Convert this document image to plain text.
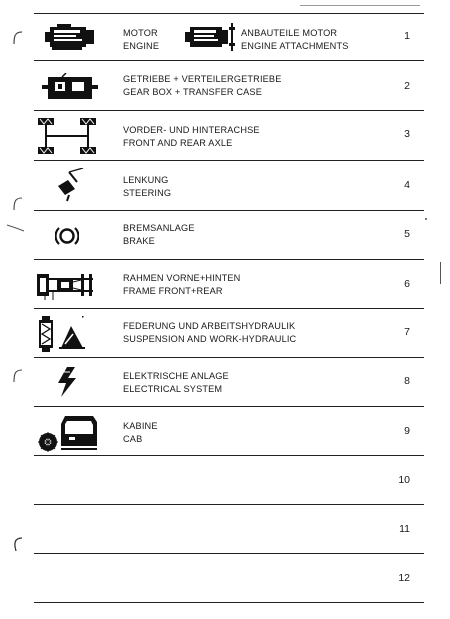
MOTOR
ENGINE
ANBAUTEILE MOTOR
ENGINE ATTACHMENTS
1
GETRIEBE + VERTEILERGETRIEBE
GEAR BOX + TRANSFER CASE	2
VORDER- UND HINTERACHSE
FRONT AND REAR AXLE
3
LENKUNG
STEERING
4
BREMSANLAGE
BRAKE
5
RAHMEN VORNE+HINTEN
FRAME FRONT+REAR
6
FEDERUNG UND ARBEITSHYDRAULIK
SUSPENSION AND WORK-HYDRAULIC
7
ELEKTRISCHE ANLAGE
ELECTRICAL SYSTEM
8
KABINE
CAB
9
10
11
12
